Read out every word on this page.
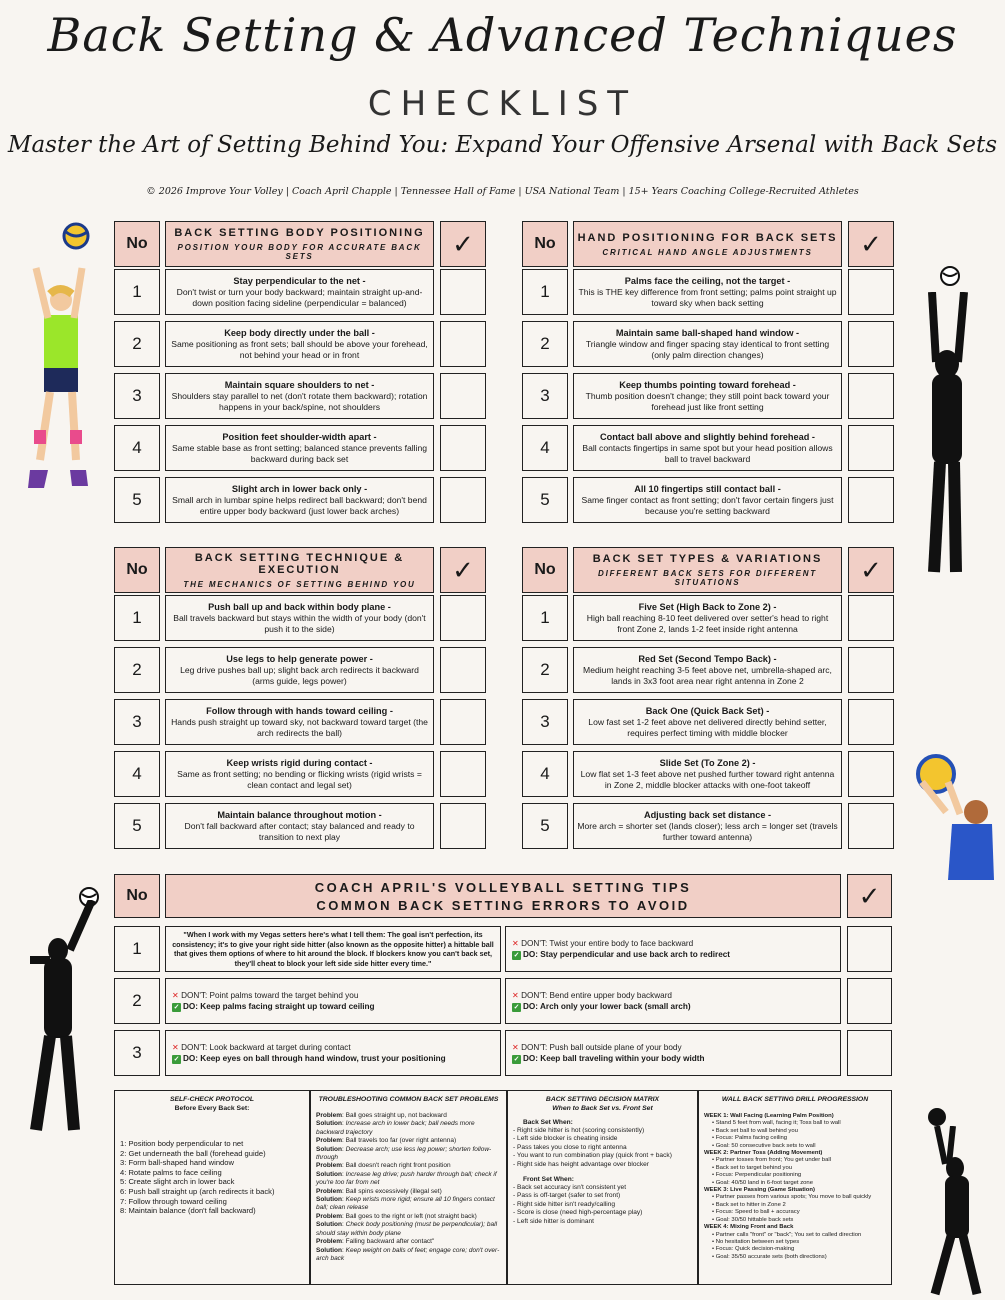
Back Setting & Advanced Techniques
CHECKLIST
Master the Art of Setting Behind You: Expand Your Offensive Arsenal with Back Sets
© 2026 Improve Your Volley | Coach April Chapple | Tennessee Hall of Fame | USA National Team | 15+ Years Coaching College-Recruited Athletes
No
BACK SETTING BODY POSITIONING
POSITION YOUR BODY FOR ACCURATE BACK SETS	✓
1
Stay perpendicular to the net -
Don't twist or turn your body backward; maintain straight up-and-down position facing sideline (perpendicular = balanced)
2
Keep body directly under the ball -
Same positioning as front sets; ball should be above your forehead, not behind your head or in front
3
Maintain square shoulders to net -
Shoulders stay parallel to net (don't rotate them backward); rotation happens in your back/spine, not shoulders
4
Position feet shoulder-width apart -
Same stable base as front setting; balanced stance prevents falling backward during back set
5
Slight arch in lower back only -
Small arch in lumbar spine helps redirect ball backward; don't bend entire upper body backward (just lower back arches)
No	HAND POSITIONING FOR BACK SETS
CRITICAL HAND ANGLE ADJUSTMENTS	✓
1
Palms face the ceiling, not the target -
This is THE key difference from front setting; palms point straight up toward sky when back setting
2
Maintain same ball-shaped hand window -
Triangle window and finger spacing stay identical to front setting (only palm direction changes)
3
Keep thumbs pointing toward forehead -
Thumb position doesn't change; they still point back toward your forehead just like front setting
4
Contact ball above and slightly behind forehead -
Ball contacts fingertips in same spot but your head position allows ball to travel backward
5
All 10 fingertips still contact ball -
Same finger contact as front setting; don't favor certain fingers just because you're setting backward
No
BACK SETTING TECHNIQUE & EXECUTION
THE MECHANICS OF SETTING BEHIND YOU	✓
1
Push ball up and back within body plane -
Ball travels backward but stays within the width of your body (don't push it to the side)
2
Use legs to help generate power -
Leg drive pushes ball up; slight back arch redirects it backward (arms guide, legs power)
3
Follow through with hands toward ceiling -
Hands push straight up toward sky, not backward toward target (the arch redirects the ball)
4
Keep wrists rigid during contact -
Same as front setting; no bending or flicking wrists (rigid wrists = clean contact and legal set)
5
Maintain balance throughout motion -
Don't fall backward after contact; stay balanced and ready to transition to next play
No
BACK SET TYPES & VARIATIONS
DIFFERENT BACK SETS FOR DIFFERENT SITUATIONS	✓
1
Five Set (High Back to Zone 2) -
High ball reaching 8-10 feet delivered over setter's head to right front Zone 2, lands 1-2 feet inside right antenna
2
Red Set (Second Tempo Back) -
Medium height reaching 3-5 feet above net, umbrella-shaped arc, lands in 3x3 foot area near right antenna in Zone 2
3
Back One (Quick Back Set) -
Low fast set 1-2 feet above net delivered directly behind setter, requires perfect timing with middle blocker
4
Slide Set (To Zone 2) -
Low flat set 1-3 feet above net pushed further toward right antenna in Zone 2, middle blocker attacks with one-foot takeoff
5
Adjusting back set distance -
More arch = shorter set (lands closer); less arch = longer set (travels further toward antenna)
No	COACH APRIL'S VOLLEYBALL SETTING TIPS
COMMON BACK SETTING ERRORS TO AVOID	✓
1
"When I work with my Vegas setters here's what I tell them: The goal isn't perfection, its consistency; it's to give your right side hitter (also known as the opposite hitter) a hittable ball that gives them options of where to hit around the block. If blockers know you can't back set, they'll cheat to block your left side side hitter every time."
✕ DON'T: Twist your entire body to face backward
✓ DO: Stay perpendicular and use back arch to redirect
2	✕ DON'T: Point palms toward the target behind you
✓ DO: Keep palms facing straight up toward ceiling
✕ DON'T: Bend entire upper body backward
✓ DO: Arch only your lower back (small arch)
3	✕ DON'T: Look backward at target during contact
✓ DO: Keep eyes on ball through hand window, trust your positioning
✕ DON'T: Push ball outside plane of your body
✓ DO: Keep ball traveling within your body width
SELF-CHECK PROTOCOL
Before Every Back Set:
1: Position body perpendicular to net
2: Get underneath the ball (forehead guide)
3: Form ball-shaped hand window
4: Rotate palms to face ceiling
5: Create slight arch in lower back
6: Push ball straight up (arch redirects it back)
7: Follow through toward ceiling
8: Maintain balance (don't fall backward)
TROUBLESHOOTING COMMON BACK SET PROBLEMS
Problem: Ball goes straight up, not backward
Solution: Increase arch in lower back; ball needs more backward trajectory
Problem: Ball travels too far (over right antenna)
Solution: Decrease arch; use less leg power; shorten follow-through
Problem: Ball doesn't reach right front position
Solution: Increase leg drive; push harder through ball; check if you're too far from net
Problem: Ball spins excessively (illegal set)
Solution: Keep wrists more rigid; ensure all 10 fingers contact ball; clean release
Problem: Ball goes to the right or left (not straight back)
Solution: Check body positioning (must be perpendicular); ball should stay within body plane
Problem: Falling backward after contact"
Solution: Keep weight on balls of feet; engage core; don't over-arch back
BACK SETTING DECISION MATRIX
When to Back Set vs. Front Set
Back Set When:
- Right side hitter is hot (scoring consistently)
- Left side blocker is cheating inside
- Pass takes you close to right antenna
- You want to run combination play (quick front + back)
- Right side has height advantage over blocker
Front Set When:
- Back set accuracy isn't consistent yet
- Pass is off-target (safer to set front)
- Right side hitter isn't ready/calling
- Score is close (need high-percentage play)
- Left side hitter is dominant
WALL BACK SETTING DRILL PROGRESSION
WEEK 1: Wall Facing (Learning Palm Position)
• Stand 5 feet from wall, facing it; Toss ball to wall
• Back set ball to wall behind you
• Focus: Palms facing ceiling
• Goal: 50 consecutive back sets to wall
WEEK 2: Partner Toss (Adding Movement)
• Partner tosses from front; You get under ball
• Back set to target behind you
• Focus: Perpendicular positioning
• Goal: 40/50 land in 6-foot target zone
WEEK 3: Live Passing (Game Situation)
• Partner passes from various spots; You move to ball quickly
• Back set to hitter in Zone 2
• Focus: Speed to ball + accuracy
• Goal: 30/50 hittable back sets
WEEK 4: Mixing Front and Back
• Partner calls "front" or "back"; You set to called direction
• No hesitation between set types
• Focus: Quick decision-making
• Goal: 35/50 accurate sets (both directions)
